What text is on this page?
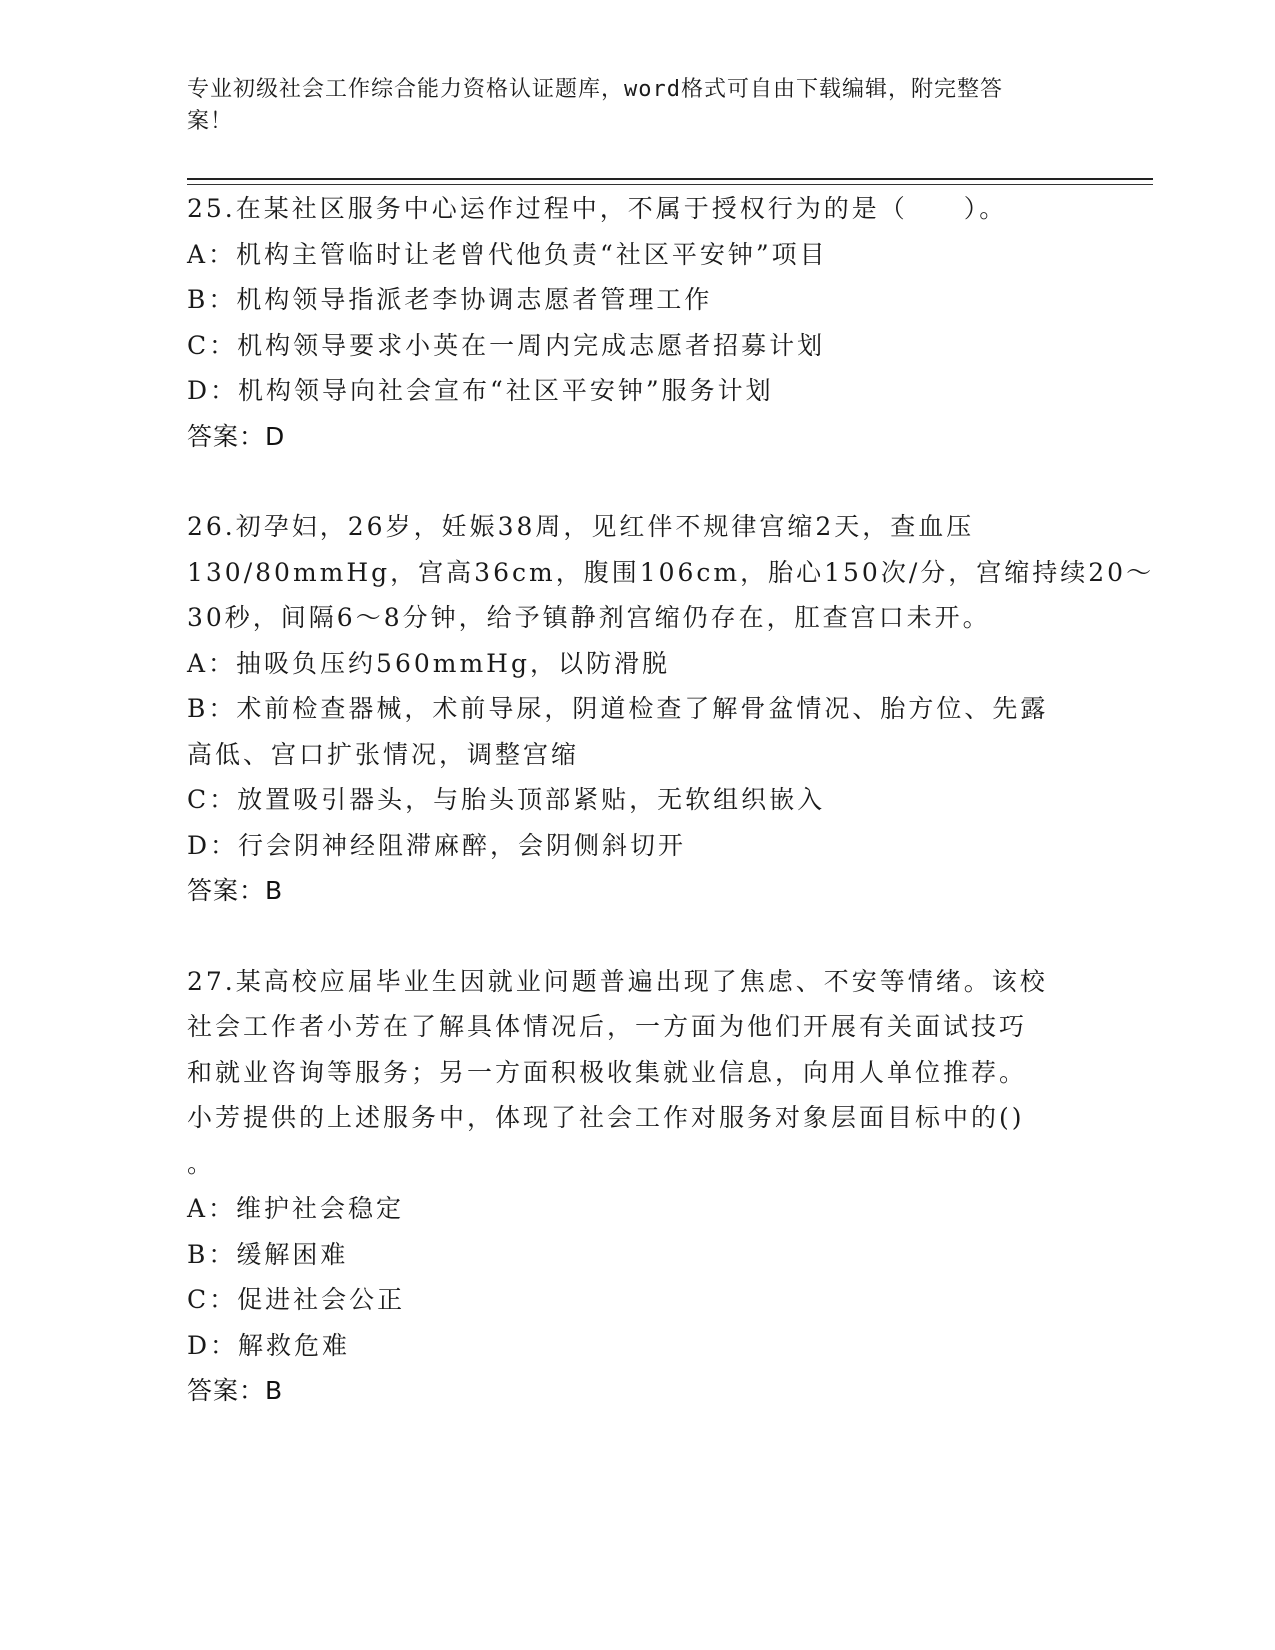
专业初级社会工作综合能力资格认证题库，word格式可自由下载编辑，附完整答
案！
25.在某社区服务中心运作过程中，不属于授权行为的是（　　）。
A：机构主管临时让老曾代他负责“社区平安钟”项目
B：机构领导指派老李协调志愿者管理工作
C：机构领导要求小英在一周内完成志愿者招募计划
D：机构领导向社会宣布“社区平安钟”服务计划
答案：D
26.初孕妇，26岁，妊娠38周，见红伴不规律宫缩2天，查血压
130/80mmHg，宫高36cm，腹围106cm，胎心150次/分，宫缩持续20～
30秒，间隔6～8分钟，给予镇静剂宫缩仍存在，肛查宫口未开。
A：抽吸负压约560mmHg，以防滑脱
B：术前检查器械，术前导尿，阴道检查了解骨盆情况、胎方位、先露
高低、宫口扩张情况，调整宫缩
C：放置吸引器头，与胎头顶部紧贴，无软组织嵌入
D：行会阴神经阻滞麻醉，会阴侧斜切开
答案：B
27.某高校应届毕业生因就业问题普遍出现了焦虑、不安等情绪。该校
社会工作者小芳在了解具体情况后，一方面为他们开展有关面试技巧
和就业咨询等服务；另一方面积极收集就业信息，向用人单位推荐。
小芳提供的上述服务中，体现了社会工作对服务对象层面目标中的()
。
A：维护社会稳定
B：缓解困难
C：促进社会公正
D：解救危难
答案：B
